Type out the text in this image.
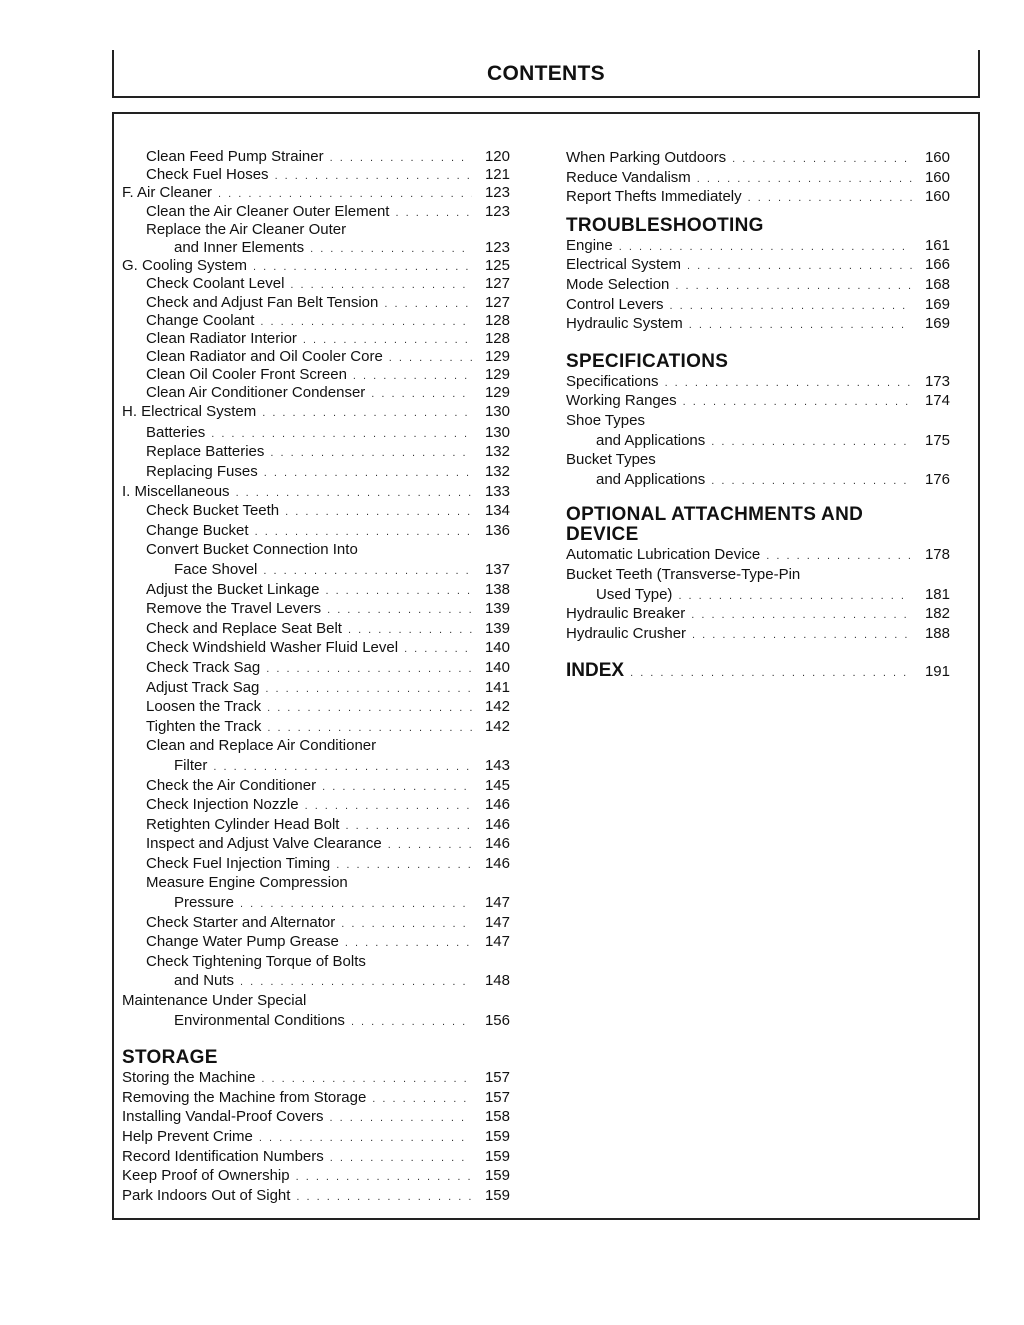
CONTENTS
Clean Feed Pump Strainer . . .	120
Check Fuel Hoses . . .	121
F. Air Cleaner . . .	123
Clean the Air Cleaner Outer Element . . .	123
Replace the Air Cleaner Outer
and Inner Elements . . .	123
G. Cooling System . . .	125
Check Coolant Level . . .	127
Check and Adjust Fan Belt Tension . . .	127
Change Coolant . . .	128
Clean Radiator Interior . . .	128
Clean Radiator and Oil Cooler Core . . .	129
Clean Oil Cooler Front Screen . . .	129
Clean Air Conditioner Condenser . . .	129
H. Electrical System . . .	130
Batteries . . .	130
Replace Batteries . . .	132
Replacing Fuses . . .	132
I. Miscellaneous . . .	133
Check Bucket Teeth . . .	134
Change Bucket . . .	136
Convert Bucket Connection Into
Face Shovel . . .	137
Adjust the Bucket Linkage . . .	138
Remove the Travel Levers . . .	139
Check and Replace Seat Belt . . .	139
Check Windshield Washer Fluid Level . . .	140
Check Track Sag . . .	140
Adjust Track Sag . . .	141
Loosen the Track . . .	142
Tighten the Track . . .	142
Clean and Replace Air Conditioner
Filter . . .	143
Check the Air Conditioner . . .	145
Check Injection Nozzle . . .	146
Retighten Cylinder Head Bolt . . .	146
Inspect and Adjust Valve Clearance . . .	146
Check Fuel Injection Timing . . .	146
Measure Engine Compression
Pressure . . .	147
Check Starter and Alternator . . .	147
Change Water Pump Grease . . .	147
Check Tightening Torque of Bolts
and Nuts . . .	148
Maintenance Under Special
Environmental Conditions . . .	156
STORAGE
Storing the Machine . . .	157
Removing the Machine from Storage . . .	157
Installing Vandal-Proof Covers . . .	158
Help Prevent Crime . . .	159
Record Identification Numbers . . .	159
Keep Proof of Ownership . . .	159
Park Indoors Out of Sight . . .	159
When Parking Outdoors . . .	160
Reduce Vandalism . . .	160
Report Thefts Immediately . . .	160
TROUBLESHOOTING
Engine . . .	161
Electrical System . . .	166
Mode Selection . . .	168
Control Levers . . .	169
Hydraulic System . . .	169
SPECIFICATIONS
Specifications . . .	173
Working Ranges . . .	174
Shoe Types
and Applications . . .	175
Bucket Types
and Applications . . .	176
OPTIONAL ATTACHMENTS AND
DEVICE
Automatic Lubrication Device . . .	178
Bucket Teeth (Transverse-Type-Pin
Used Type) . . .	181
Hydraulic Breaker . . .	182
Hydraulic Crusher . . .	188
INDEX . . .	191
